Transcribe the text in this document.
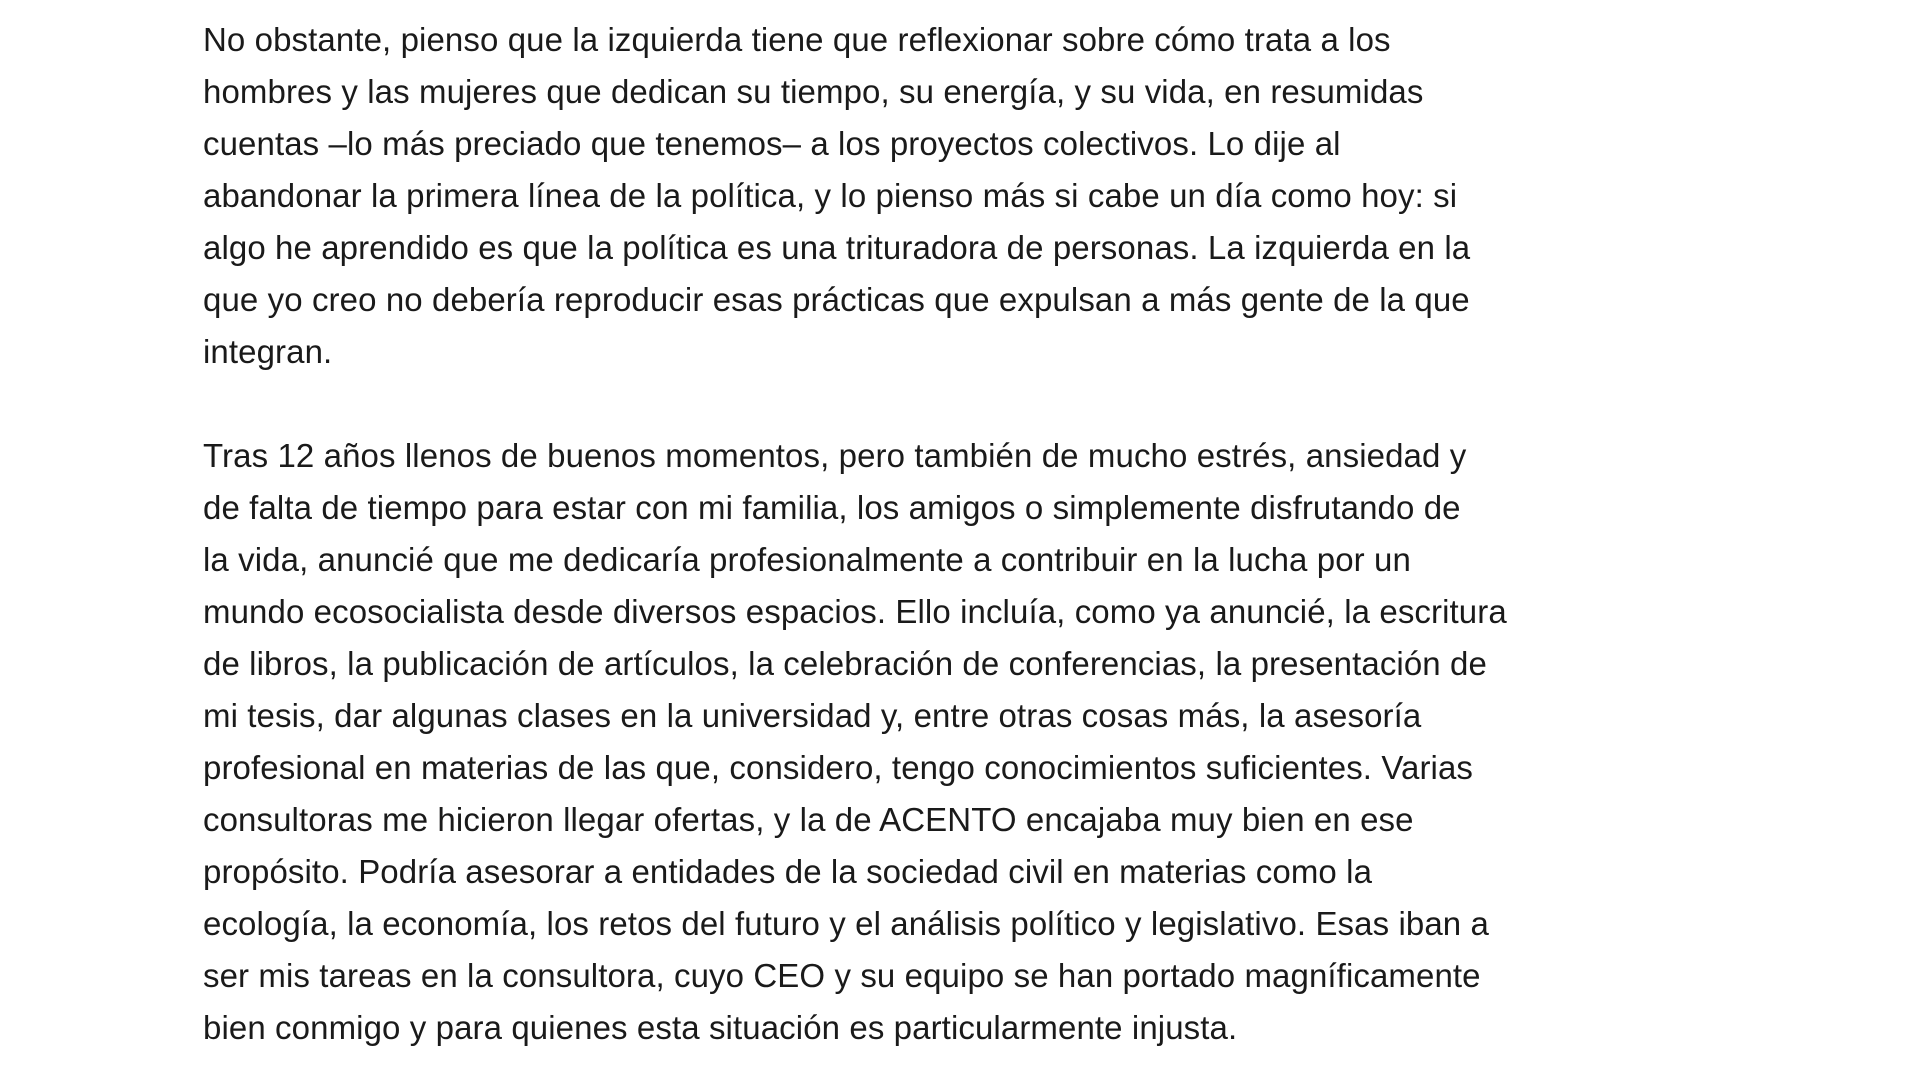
No obstante, pienso que la izquierda tiene que reflexionar sobre cómo trata a los
hombres y las mujeres que dedican su tiempo, su energía, y su vida, en resumidas
cuentas –lo más preciado que tenemos– a los proyectos colectivos. Lo dije al
abandonar la primera línea de la política, y lo pienso más si cabe un día como hoy: si
algo he aprendido es que la política es una trituradora de personas. La izquierda en la
que yo creo no debería reproducir esas prácticas que expulsan a más gente de la que
integran.
Tras 12 años llenos de buenos momentos, pero también de mucho estrés, ansiedad y
de falta de tiempo para estar con mi familia, los amigos o simplemente disfrutando de
la vida, anuncié que me dedicaría profesionalmente a contribuir en la lucha por un
mundo ecosocialista desde diversos espacios. Ello incluía, como ya anuncié, la escritura
de libros, la publicación de artículos, la celebración de conferencias, la presentación de
mi tesis, dar algunas clases en la universidad y, entre otras cosas más, la asesoría
profesional en materias de las que, considero, tengo conocimientos suficientes. Varias
consultoras me hicieron llegar ofertas, y la de ACENTO encajaba muy bien en ese
propósito. Podría asesorar a entidades de la sociedad civil en materias como la
ecología, la economía, los retos del futuro y el análisis político y legislativo. Esas iban a
ser mis tareas en la consultora, cuyo CEO y su equipo se han portado magníficamente
bien conmigo y para quienes esta situación es particularmente injusta.
